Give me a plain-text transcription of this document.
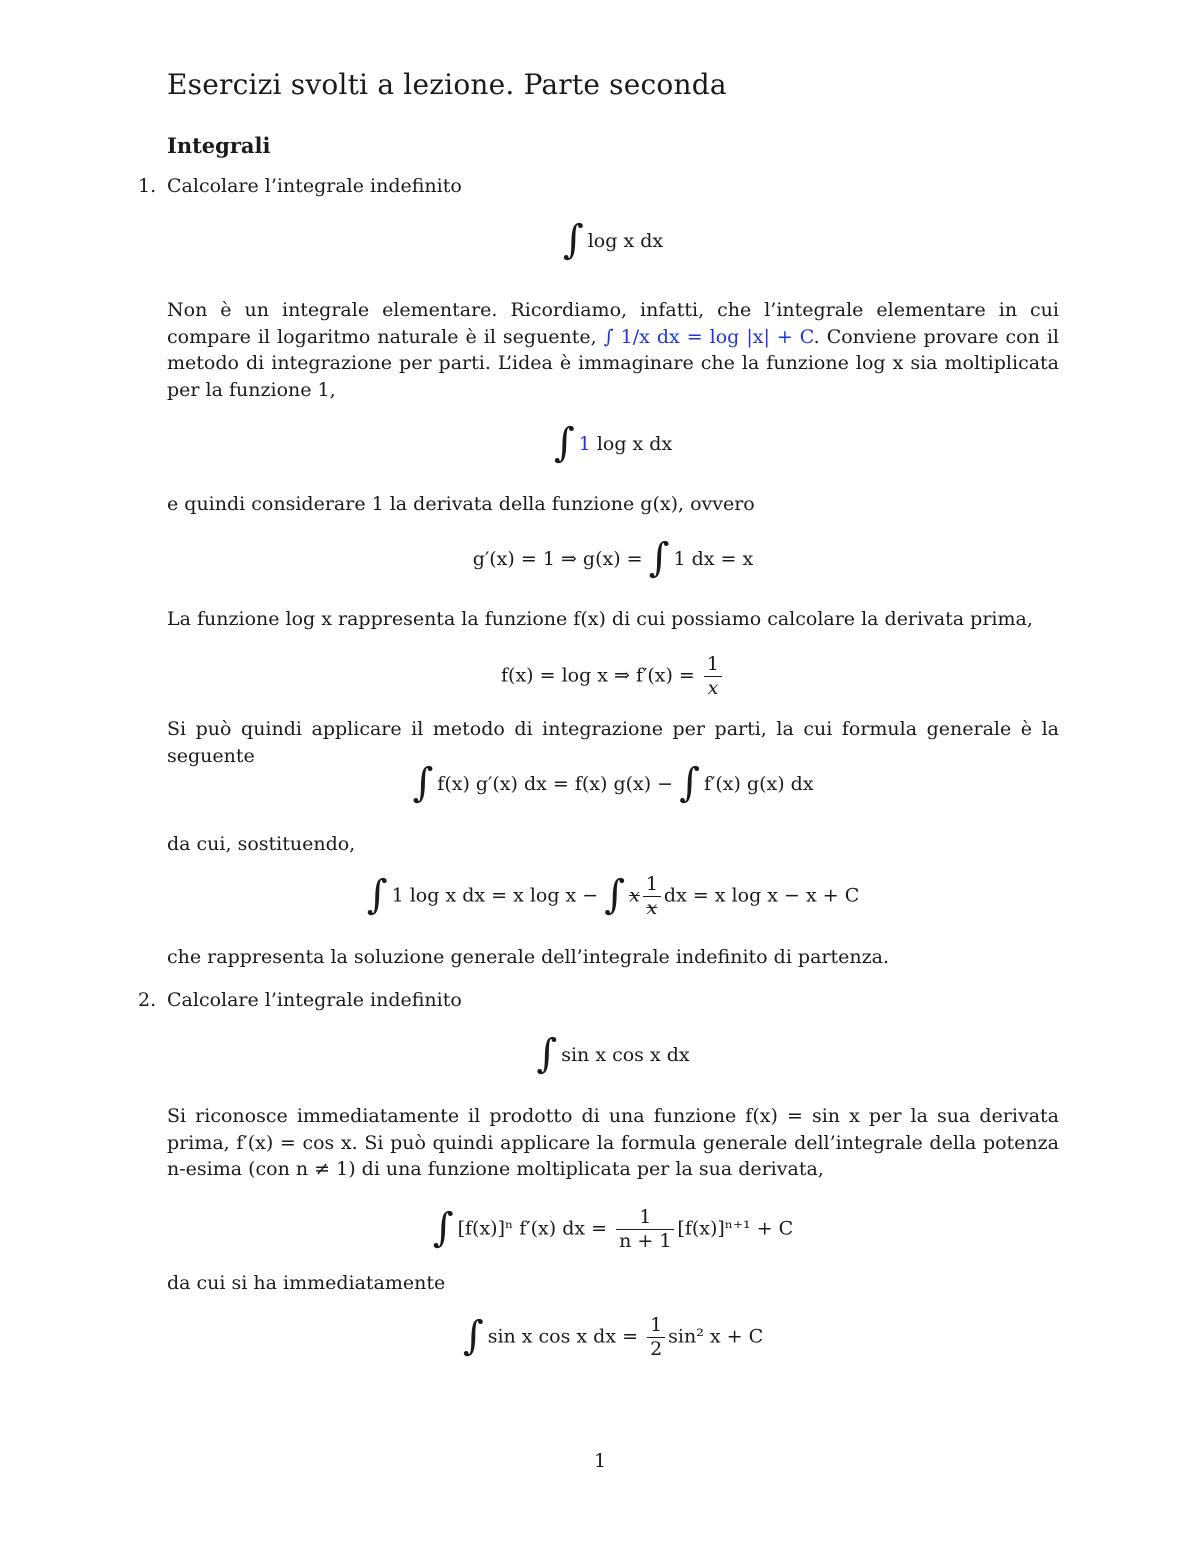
Esercizi svolti a lezione. Parte seconda
Integrali
1. Calcolare l’integrale indefinito
∫ log x dx
Non è un integrale elementare. Ricordiamo, infatti, che l’integrale elementare in cui compare il logaritmo naturale è il seguente, ∫ 1/x dx = log |x| + C. Conviene provare con il metodo di integrazione per parti. L’idea è immaginare che la funzione log x sia moltiplicata per la funzione 1,
∫ 1 log x dx
e quindi considerare 1 la derivata della funzione g(x), ovvero
g′(x) = 1 ⇒ g(x) = ∫ 1 dx = x
La funzione log x rappresenta la funzione f(x) di cui possiamo calcolare la derivata prima,
f(x) = log x ⇒ $f'(x) = \frac{1}{x}$
Si può quindi applicare il metodo di integrazione per parti, la cui formula generale è la seguente
∫ f(x) g′(x) dx = f(x) g(x) − ∫ f′(x) g(x) dx
da cui, sostituendo,
∫ 1 log x dx = x log x − ∫ x $\frac{1}{x}$ dx = x log x − x + C
che rappresenta la soluzione generale dell’integrale indefinito di partenza.
2. Calcolare l’integrale indefinito
∫ sin x cos x dx
Si riconosce immediatamente il prodotto di una funzione f(x) = sin x per la sua derivata prima, f′(x) = cos x. Si può quindi applicare la formula generale dell’integrale della potenza n-esima (con n ≠ 1) di una funzione moltiplicata per la sua derivata,
∫ [f(x)]ⁿ f′(x) dx = $\frac{1}{n + 1} [f(x)]^{n+1} + C$
da cui si ha immediatamente
∫ sin x cos x dx = $\frac{1}{2} \sin^2$ x + C
1
